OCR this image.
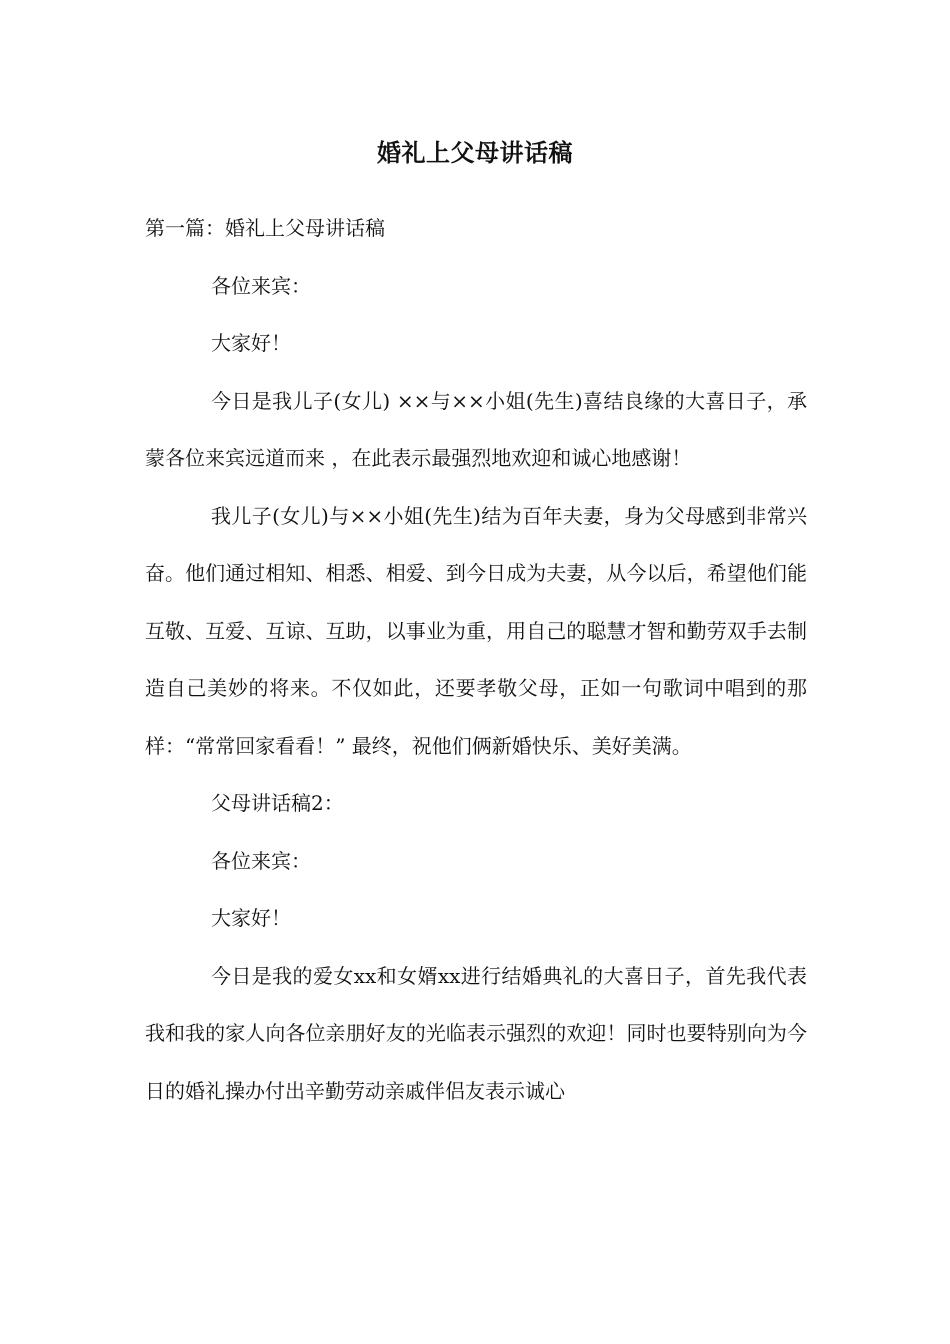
婚礼上父母讲话稿

第一篇：婚礼上父母讲话稿

各位来宾：

大家好！

今日是我儿子(女儿) ××与××小姐(先生)喜结良缘的大喜日子，承蒙各位来宾远道而来 ，在此表示最强烈地欢迎和诚心地感谢！

我儿子(女儿)与××小姐(先生)结为百年夫妻，身为父母感到非常兴奋。他们通过相知、相悉、相爱、到今日成为夫妻，从今以后，希望他们能互敬、互爱、互谅、互助，以事业为重，用自己的聪慧才智和勤劳双手去制造自己美妙的将来。不仅如此，还要孝敬父母，正如一句歌词中唱到的那样：“常常回家看看！” 最终，祝他们俩新婚快乐、美好美满。

父母讲话稿2：

各位来宾：

大家好！

今日是我的爱女xx和女婿xx进行结婚典礼的大喜日子，首先我代表我和我的家人向各位亲朋好友的光临表示强烈的欢迎！同时也要特别向为今日的婚礼操办付出辛勤劳动亲戚伴侣友表示诚心
